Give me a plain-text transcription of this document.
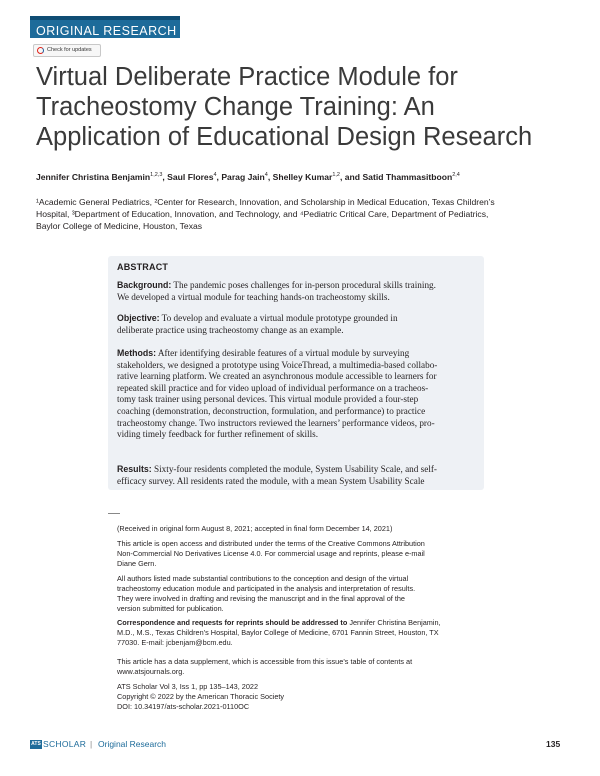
ORIGINAL RESEARCH
Check for updates
Virtual Deliberate Practice Module for
Tracheostomy Change Training: An
Application of Educational Design Research
Jennifer Christina Benjamin$^{1,2,3}$, Saul Flores$^4$, Parag Jain$^4$, Shelley Kumar$^{1,2}$, and Satid Thammasitboon$^{2,4}$
¹Academic General Pediatrics, ²Center for Research, Innovation, and Scholarship in Medical Education, Texas Children’s
Hospital, ³Department of Education, Innovation, and Technology, and ⁴Pediatric Critical Care, Department of Pediatrics,
Baylor College of Medicine, Houston, Texas
ABSTRACT
Background: The pandemic poses challenges for in-person procedural skills training.
We developed a virtual module for teaching hands-on tracheostomy skills.
Objective: To develop and evaluate a virtual module prototype grounded in
deliberate practice using tracheostomy change as an example.
Methods: After identifying desirable features of a virtual module by surveying
stakeholders, we designed a prototype using VoiceThread, a multimedia-based collabo-
rative learning platform. We created an asynchronous module accessible to learners for
repeated skill practice and for video upload of individual performance on a tracheos-
tomy task trainer using personal devices. This virtual module provided a four-step
coaching (demonstration, deconstruction, formulation, and performance) to practice
tracheostomy change. Two instructors reviewed the learners’ performance videos, pro-
viding timely feedback for further refinement of skills.
Results: Sixty-four residents completed the module, System Usability Scale, and self-
efficacy survey. All residents rated the module, with a mean System Usability Scale
(Received in original form August 8, 2021; accepted in final form December 14, 2021)
This article is open access and distributed under the terms of the Creative Commons Attribution
Non-Commercial No Derivatives License 4.0. For commercial usage and reprints, please e-mail
Diane Gern.
All authors listed made substantial contributions to the conception and design of the virtual
tracheostomy education module and participated in the analysis and interpretation of results.
They were involved in drafting and revising the manuscript and in the final approval of the
version submitted for publication.
Correspondence and requests for reprints should be addressed to Jennifer Christina Benjamin,
M.D., M.S., Texas Children’s Hospital, Baylor College of Medicine, 6701 Fannin Street, Houston, TX
77030. E-mail: jcbenjam@bcm.edu.
This article has a data supplement, which is accessible from this issue’s table of contents at
www.atsjournals.org.
ATS Scholar Vol 3, Iss 1, pp 135–143, 2022
Copyright © 2022 by the American Thoracic Society
DOI: 10.34197/ats-scholar.2021-0110OC
ATS SCHOLAR | Original Research	135
